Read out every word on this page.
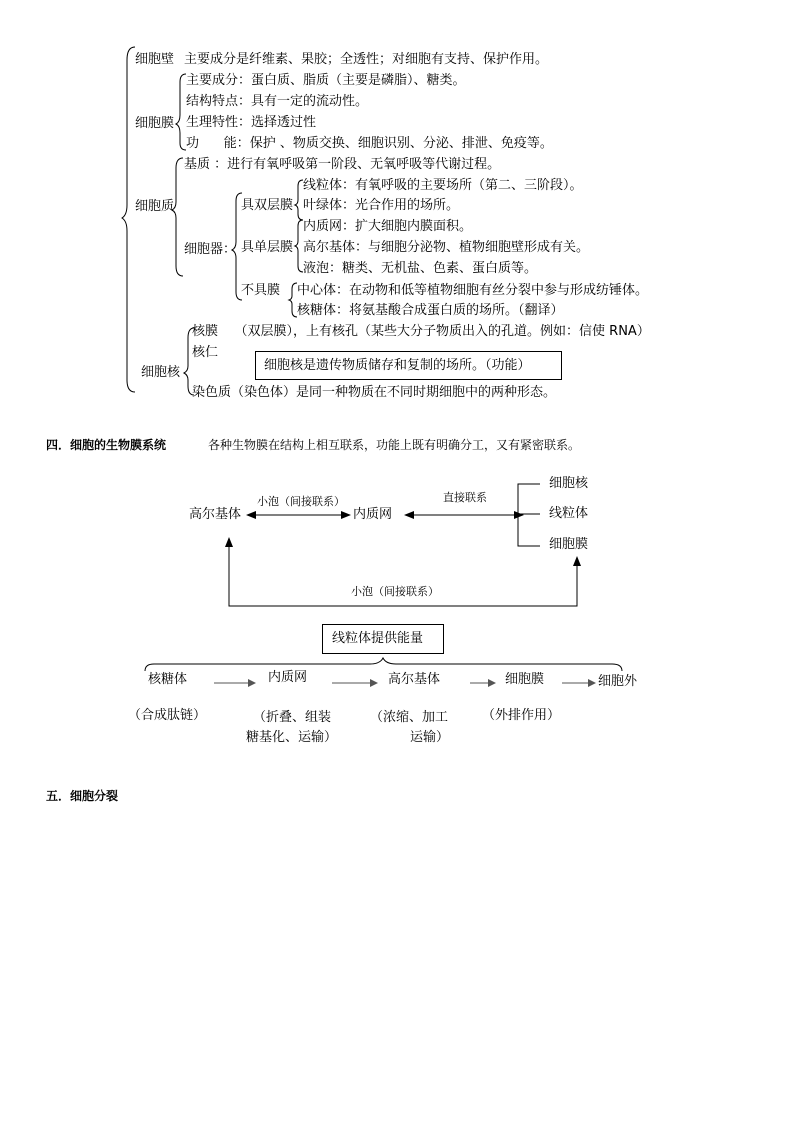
细胞壁 主要成分是纤维素、果胶；全透性；对细胞有支持、保护作用。
细胞膜
主要成分：蛋白质、脂质（主要是磷脂）、糖类。
结构特点：具有一定的流动性。
生理特性：选择透过性
功      能：保护 、物质交换、细胞识别、分泌、排泄、免疫等。
细胞质
基质 ：进行有氧呼吸第一阶段、无氧呼吸等代谢过程。
细胞器：
具双层膜
线粒体：有氧呼吸的主要场所（第二、三阶段）。
叶绿体：光合作用的场所。
具单层膜
内质网：扩大细胞内膜面积。
高尔基体：与细胞分泌物、植物细胞壁形成有关。
液泡：糖类、无机盐、色素、蛋白质等。
不具膜 中心体：在动物和低等植物细胞有丝分裂中参与形成纺锤体。
核糖体：将氨基酸合成蛋白质的场所。（翻译）
细胞核
核膜    （双层膜），上有核孔（某些大分子物质出入的孔道。例如：信使 RNA）
核仁
细胞核是遗传物质储存和复制的场所。（功能）
染色质（染色体）是同一种物质在不同时期细胞中的两种形态。
四．细胞的生物膜系统	各种生物膜在结构上相互联系，功能上既有明确分工，又有紧密联系。
高尔基体
小泡（间接联系）
内质网
直接联系
细胞核
线粒体
细胞膜
小泡（间接联系）
线粒体提供能量
核糖体	内质网	高尔基体	细胞膜	细胞外
（合成肽链）	（折叠、组装
糖基化、运输）
（浓缩、加工
运输）
（外排作用）
五．细胞分裂
